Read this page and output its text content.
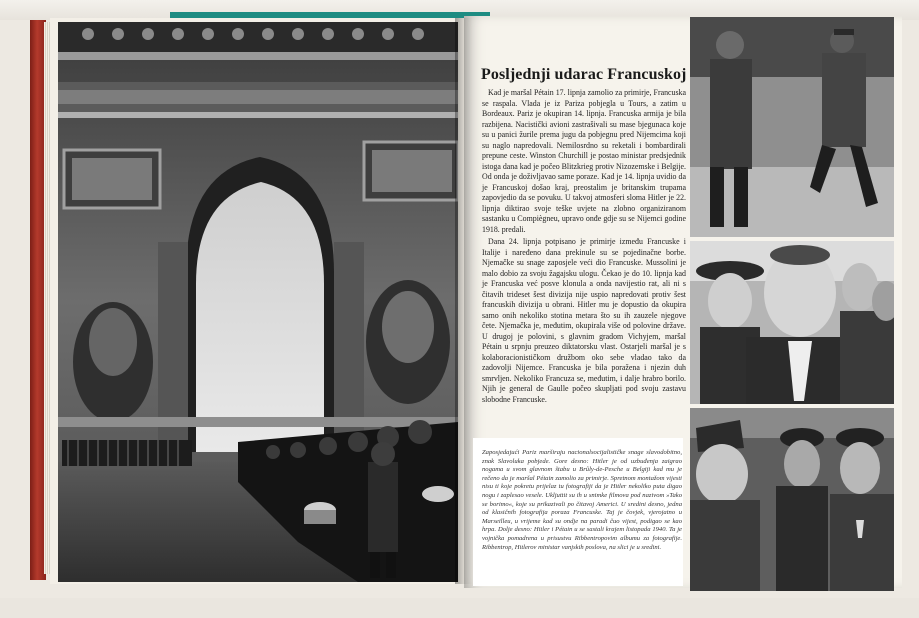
Posljednji udarac Francuskoj

Kad je maršal Pétain 17. lipnja zamolio za primirje, Francuska se raspala. Vlada je iz Pariza pobjegla u Tours, a zatim u Bordeaux. Pariz je okupiran 14. lipnja. Francuska armija je bila razbijena. Nacistički avioni zastrašivali su mase bjegunaca koje su u panici žurile prema jugu da pobjegnu pred Nijemcima koji su naglo napredovali. Nemilosrdno su reketali i bombardirali prepune ceste. Winston Churchill je postao ministar predsjednik istoga dana kad je počeo Blitzkrieg protiv Nizozemske i Belgije. Od onda je doživljavao same poraze. Kad je 14. lipnja uvidio da je Francuskoj došao kraj, preostalim je britanskim trupama zapovjedio da se povuku. U takvoj atmosferi slomа Hitler je 22. lipnja diktirao svoje teške uvjete na zlobno organiziranom sastanku u Compiègneu, upravo onđe gdje su se Nijemci godine 1918. predali.

Dana 24. lipnja potpisano je primirje između Francuske i Italije i naređeno dana prekinule su se pojedinačne borbe. Njemačke su snage zaposjele veći dio Francuske. Mussolini je malo dobio za svoju žagajsku ulogu. Čekao je do 10. lipnja kad je Francuska već posve klonula a onda navijestio rat, ali ni s čitavih trideset šest divizija nije uspio napredovati protiv šest francuskih divizija u obrani. Hitler mu je dopustio da okupira samo onih nekoliko stotina metara što su ih zauzele njegove čete. Njemačka je, međutim, okupirala više od polovine države. U drugoj je polovini, s glavnim gradom Vichyjem, maršal Pétain u srpnju preuzeo diktatorsku vlast. Ostarjeli maršal je s kolaboracionističkom družbom oko sebe vladao tako da zadovolji Nijemce. Francuska je bila poražena i njezin duh smrvljen. Nekoliko Francuza se, međutim, i dalje hrabro borilo. Njih je general de Gaulle počeo skupljati pod svoju zastavu slobodne Francuske.

Zaposjedajući Pariz marširaju nacionalsocijalističke snage slavodobitno, znak Slavoluka pobjede. Gore desno: Hitler je od uzbuđenja zaigrao nogama u svom glavnom štabu u Brûly-de-Pesche u Belgiji kad mu je rečeno da je maršal Pétain zamolio za primirje. Spretnom montažom vijesti nisu ti koje pokretu prijelaz tu fotografiji da je Hitler nekoliko puta digao nogu i zaplesao vesele. Ukljuttit su ih u snimke filmova pod nazivom »Tako se borimo«, koje su prikazivali po čitavoj Americi. U sredini desno, jedna od klasičnih fotografija poraza Francuske. Taj je čovjek, vjerojatno u Marseilleu, u vrijeme kad su ondje na paradi čuo vijest, podigao se kao hrpa. Dolje desno: Hitler i Pétain u se sastali krajem listopada 1940. Ta je vojnička pomadrena u prisustvu Ribbentropovim albumu za fotografije. Ribbentrop, Hitlerov ministar vanjskih poslova, na slici je u sredini.
